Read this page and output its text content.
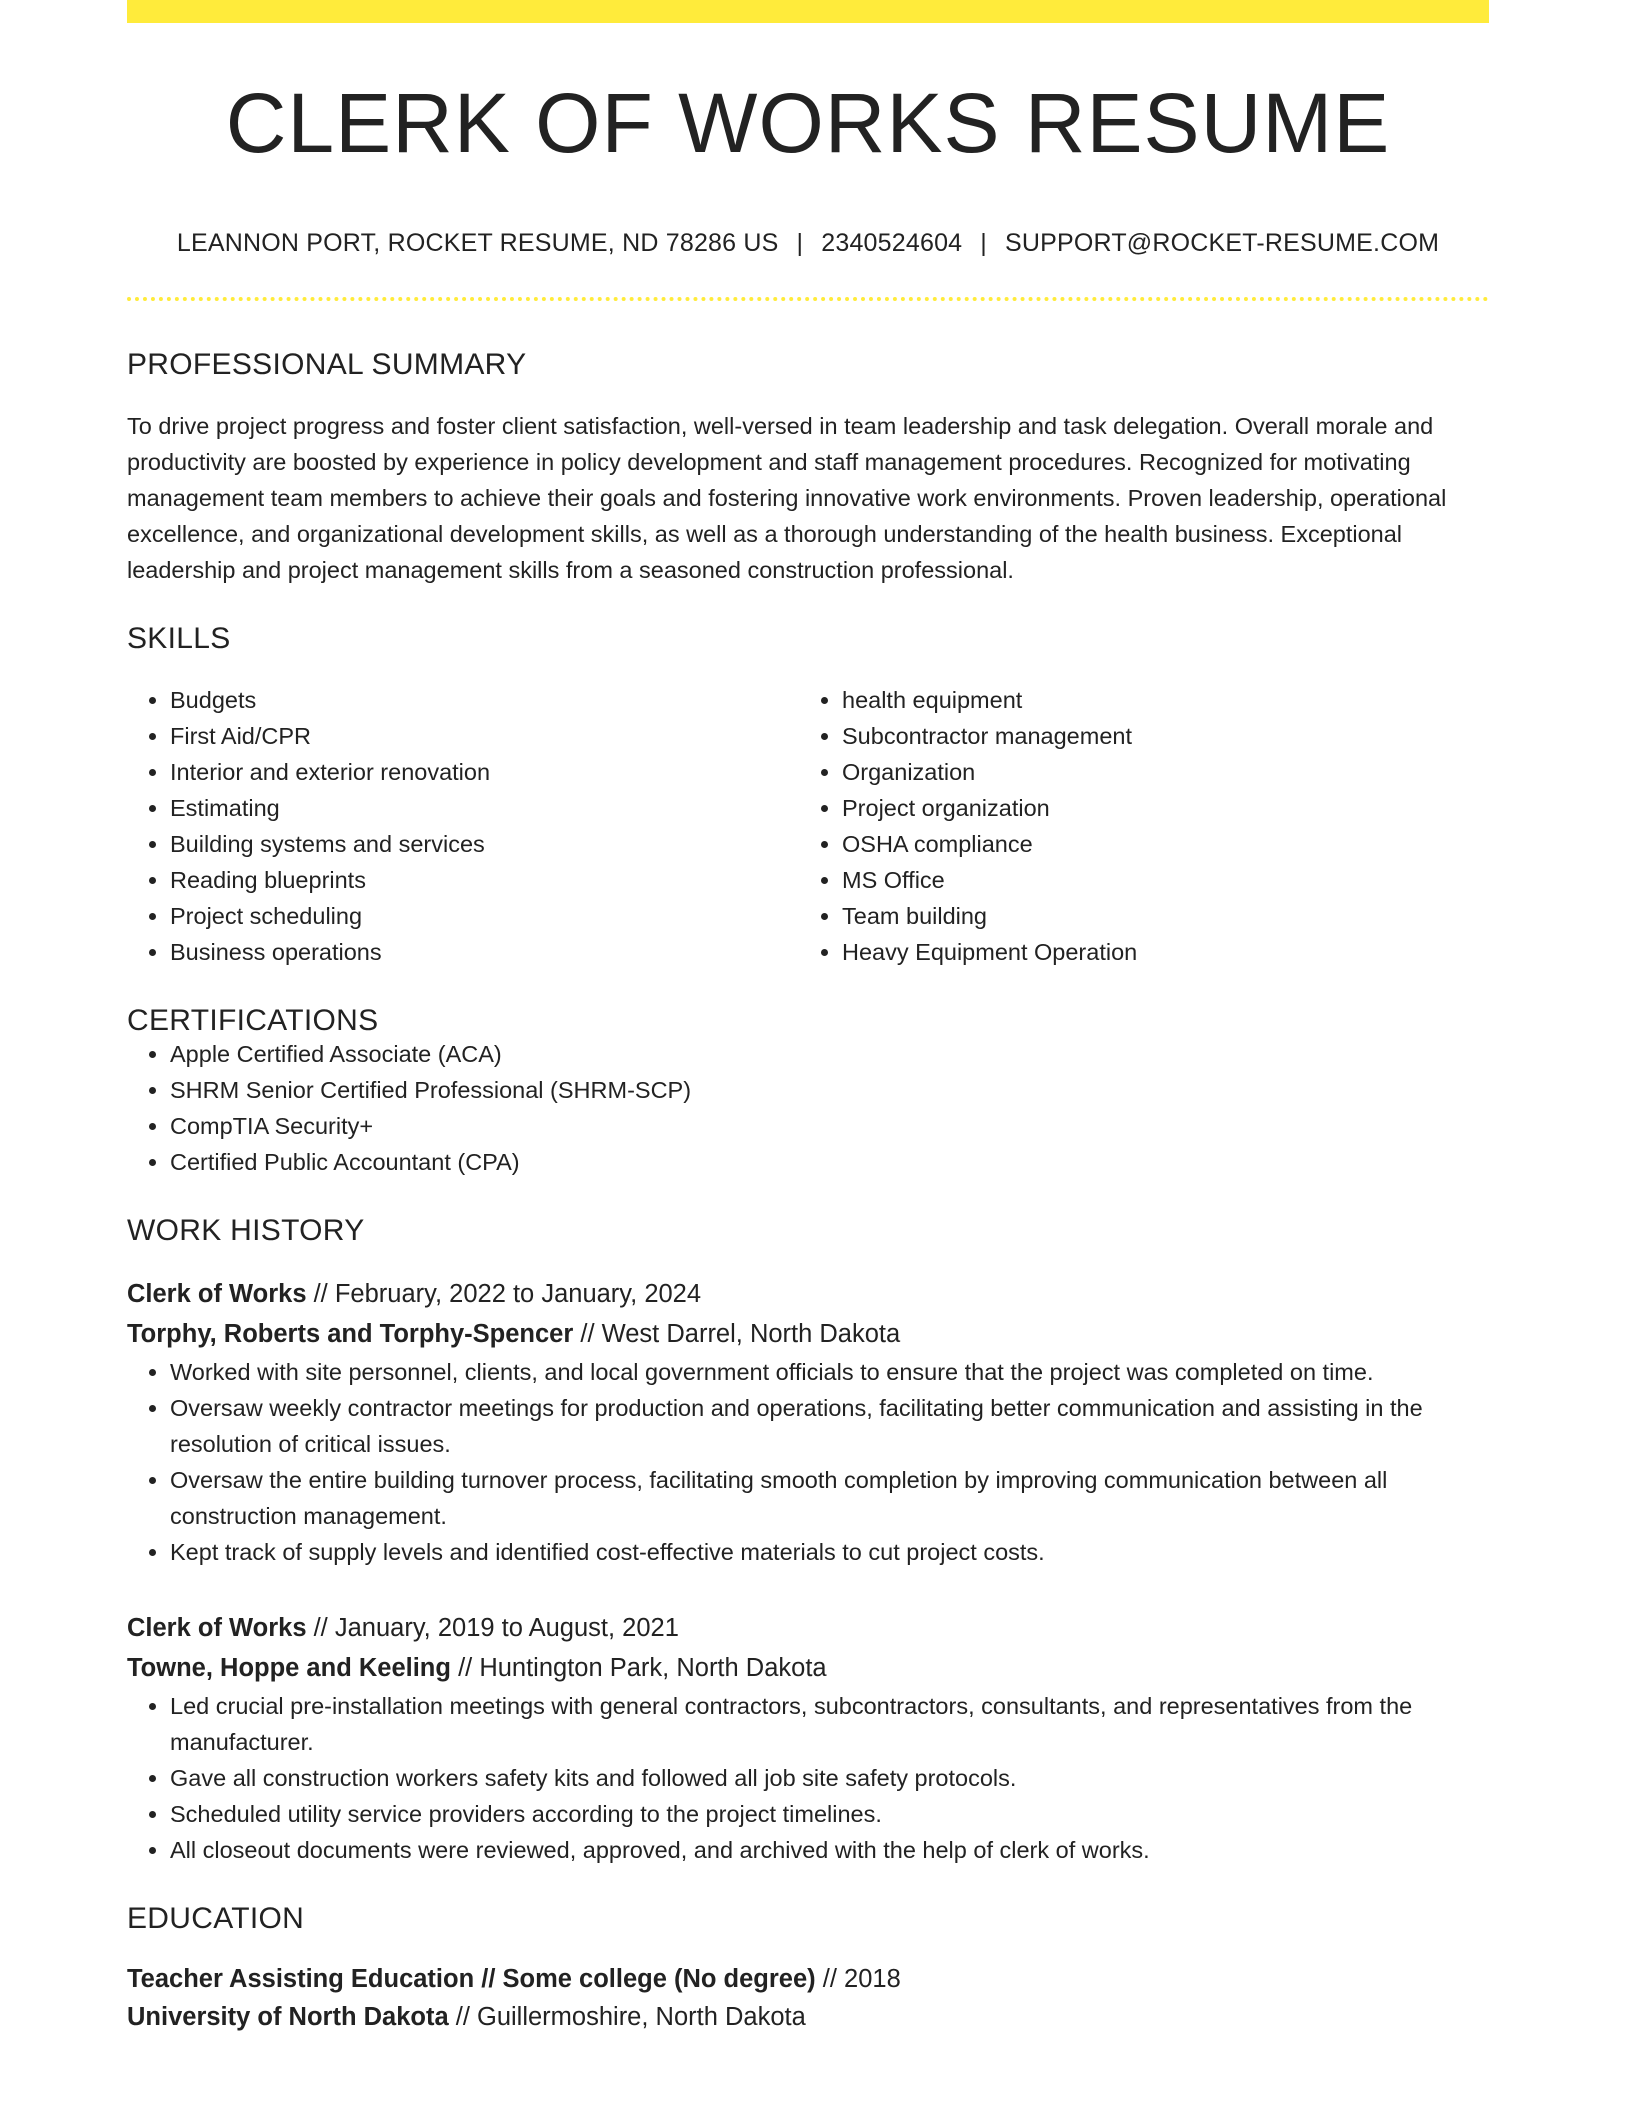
CLERK OF WORKS RESUME
LEANNON PORT, ROCKET RESUME, ND 78286 US | 2340524604 | SUPPORT@ROCKET-RESUME.COM
PROFESSIONAL SUMMARY
To drive project progress and foster client satisfaction, well-versed in team leadership and task delegation. Overall morale and productivity are boosted by experience in policy development and staff management procedures. Recognized for motivating management team members to achieve their goals and fostering innovative work environments. Proven leadership, operational excellence, and organizational development skills, as well as a thorough understanding of the health business. Exceptional leadership and project management skills from a seasoned construction professional.
SKILLS
• Budgets
• First Aid/CPR
• Interior and exterior renovation
• Estimating
• Building systems and services
• Reading blueprints
• Project scheduling
• Business operations
• health equipment
• Subcontractor management
• Organization
• Project organization
• OSHA compliance
• MS Office
• Team building
• Heavy Equipment Operation
CERTIFICATIONS
• Apple Certified Associate (ACA)
• SHRM Senior Certified Professional (SHRM-SCP)
• CompTIA Security+
• Certified Public Accountant (CPA)
WORK HISTORY
Clerk of Works // February, 2022 to January, 2024
Torphy, Roberts and Torphy-Spencer // West Darrel, North Dakota
• Worked with site personnel, clients, and local government officials to ensure that the project was completed on time.
• Oversaw weekly contractor meetings for production and operations, facilitating better communication and assisting in the resolution of critical issues.
• Oversaw the entire building turnover process, facilitating smooth completion by improving communication between all construction management.
• Kept track of supply levels and identified cost-effective materials to cut project costs.
Clerk of Works // January, 2019 to August, 2021
Towne, Hoppe and Keeling // Huntington Park, North Dakota
• Led crucial pre-installation meetings with general contractors, subcontractors, consultants, and representatives from the manufacturer.
• Gave all construction workers safety kits and followed all job site safety protocols.
• Scheduled utility service providers according to the project timelines.
• All closeout documents were reviewed, approved, and archived with the help of clerk of works.
EDUCATION
Teacher Assisting Education // Some college (No degree) // 2018
University of North Dakota // Guillermoshire, North Dakota
